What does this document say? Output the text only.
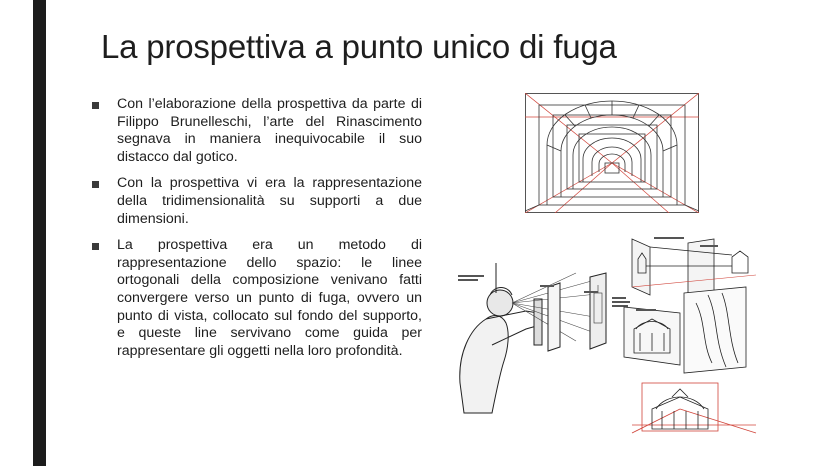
La prospettiva a punto unico di fuga
Con l’elaborazione della prospettiva da parte di Filippo Brunelleschi, l’arte del Rinascimento segnava in maniera inequivocabile il suo distacco dal gotico.
Con la prospettiva vi era la rappresentazione della tridimensionalità su supporti a due dimensioni.
La prospettiva era un metodo di rappresentazione dello spazio: le linee ortogonali della composizione venivano fatti convergere verso un punto di fuga, ovvero un punto di vista, collocato sul fondo del supporto, e queste line servivano come guida per rappresentare gli oggetti nella loro profondità.
